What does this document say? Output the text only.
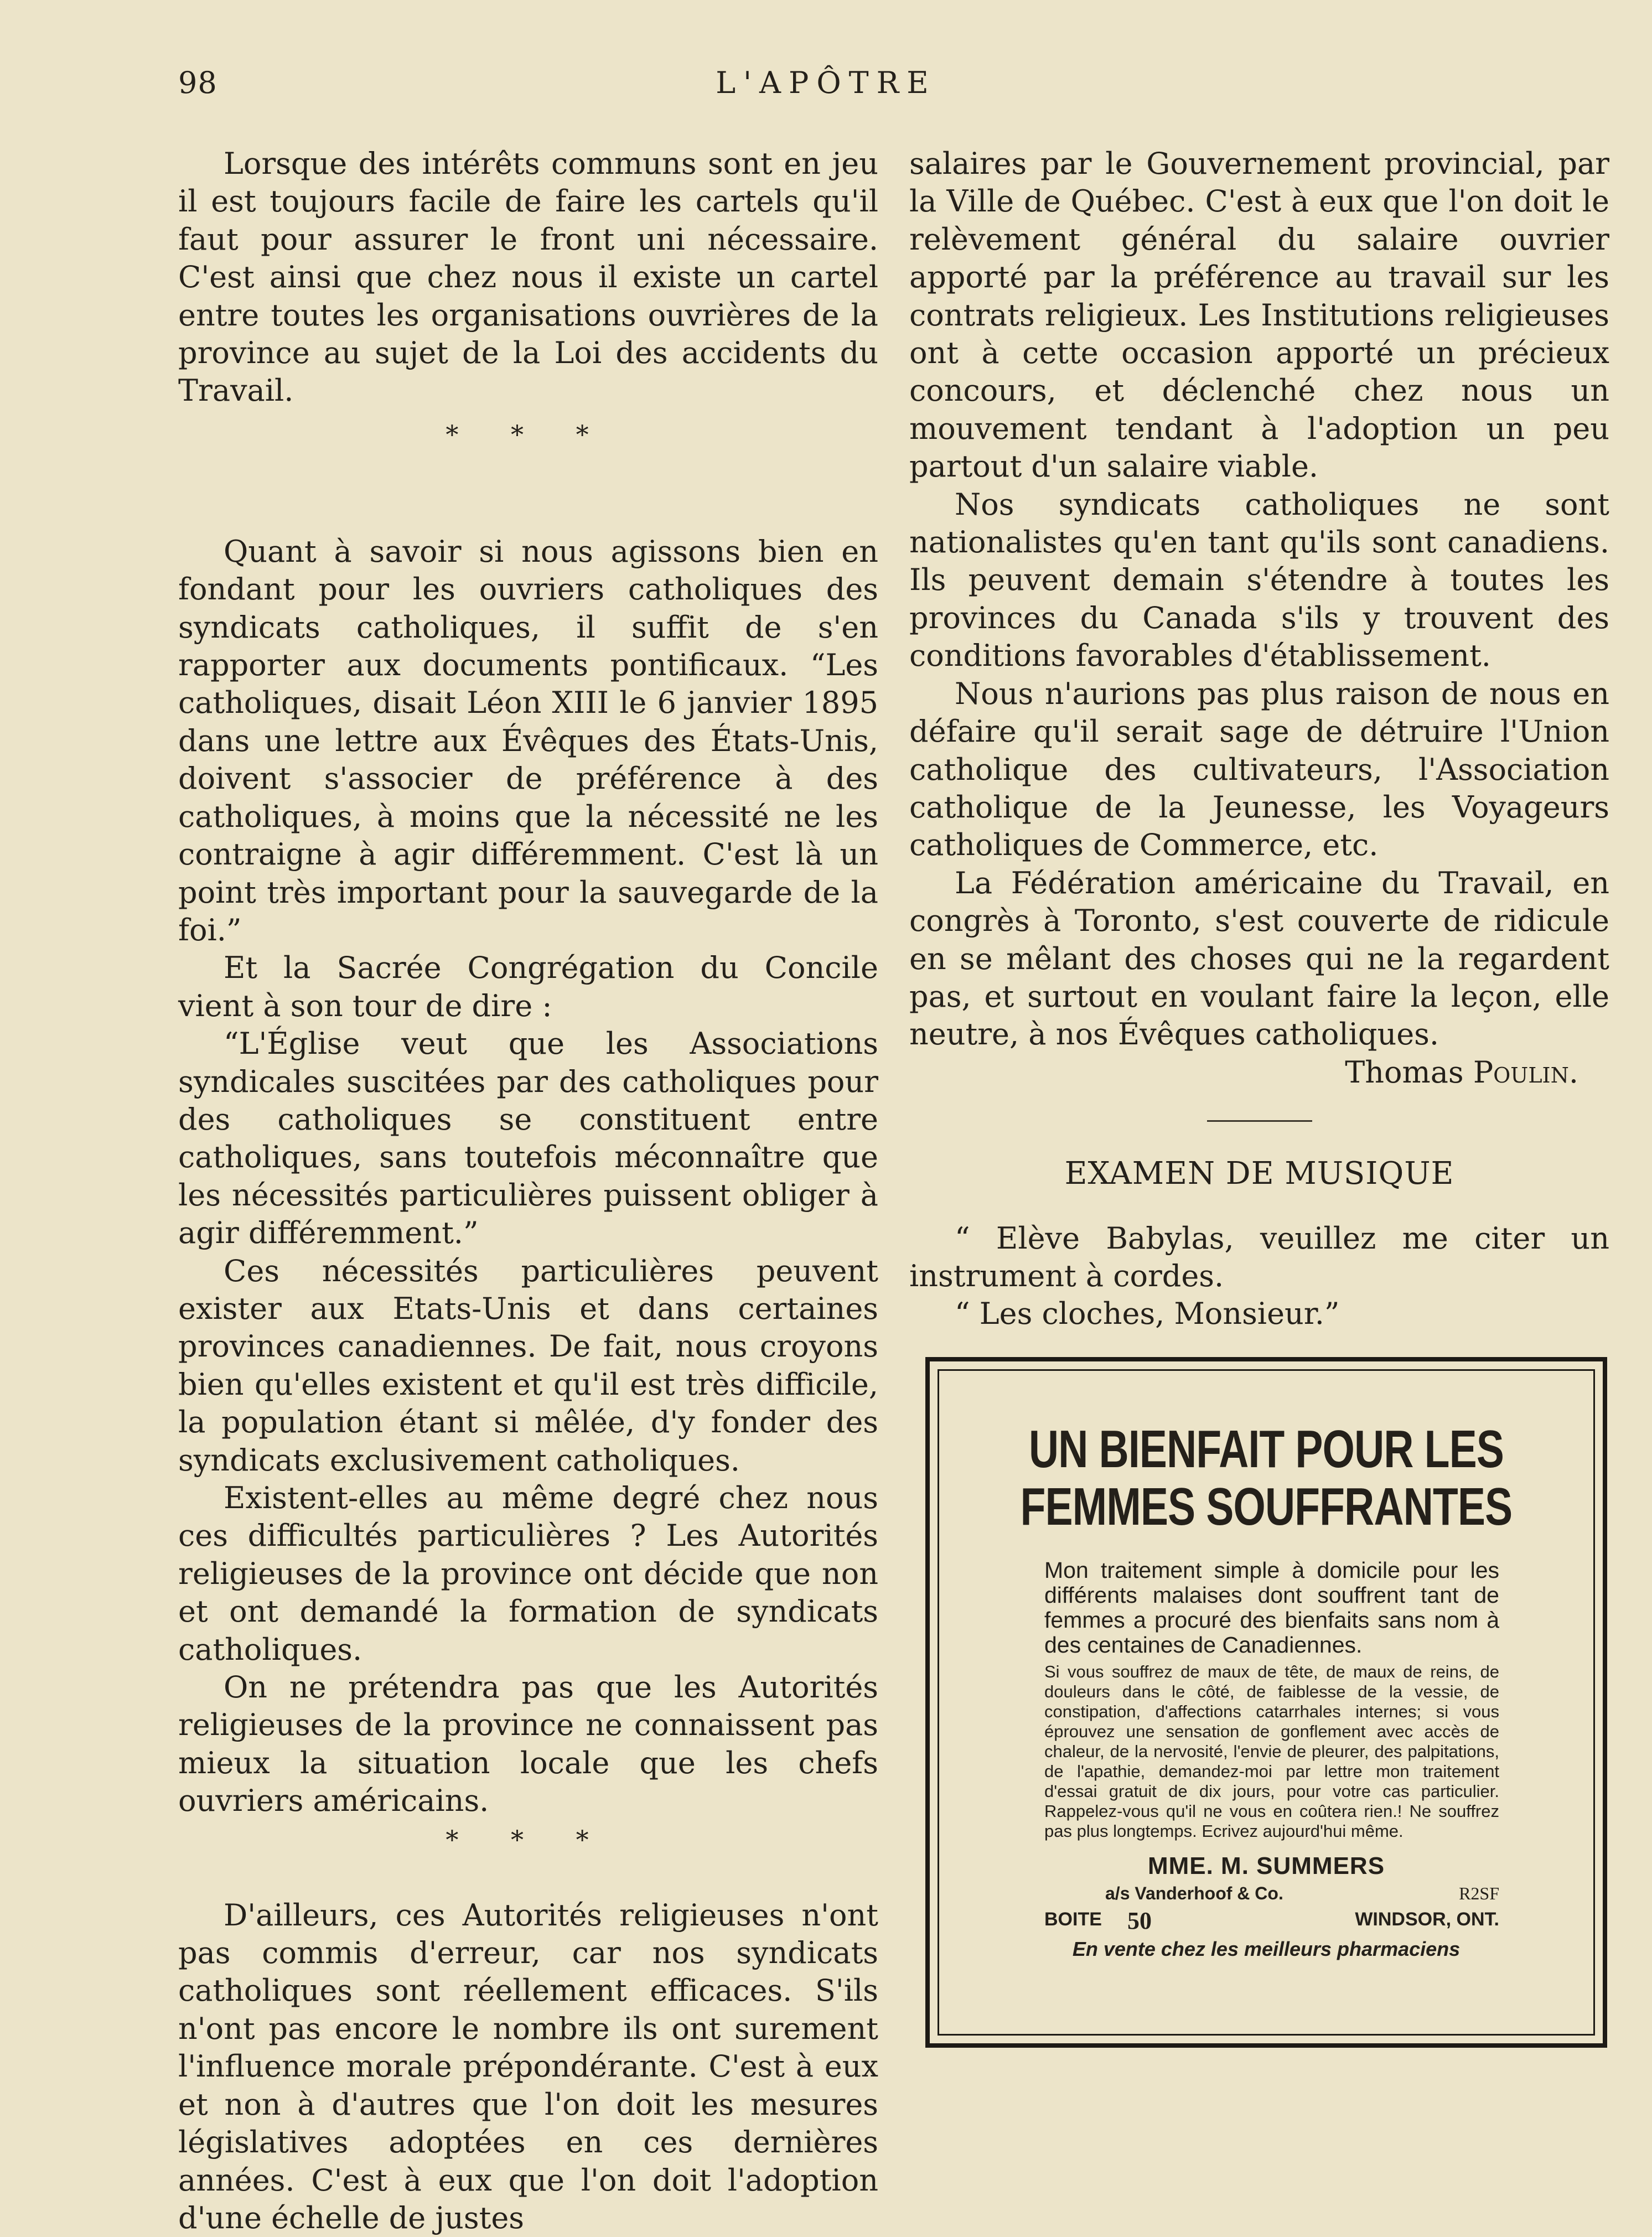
98	L'APÔTRE

Lorsque des intérêts communs sont en jeu il est toujours facile de faire les cartels qu'il faut pour assurer le front uni nécessaire. C'est ainsi que chez nous il existe un cartel entre toutes les organisations ouvrières de la province au sujet de la Loi des accidents du Travail.

* * *

Quant à savoir si nous agissons bien en fondant pour les ouvriers catholiques des syndicats catholiques, il suffit de s'en rapporter aux documents pontificaux. “Les catholiques, disait Léon XIII le 6 janvier 1895 dans une lettre aux Évêques des États-Unis, doivent s'associer de préférence à des catholiques, à moins que la nécessité ne les contraigne à agir différemment. C'est là un point très important pour la sauvegarde de la foi.”

Et la Sacrée Congrégation du Concile vient à son tour de dire :

“L'Église veut que les Associations syndicales suscitées par des catholiques pour des catholiques se constituent entre catholiques, sans toutefois méconnaître que les nécessités particulières puissent obliger à agir différemment.”

Ces nécessités particulières peuvent exister aux Etats-Unis et dans certaines provinces canadiennes. De fait, nous croyons bien qu'elles existent et qu'il est très difficile, la population étant si mêlée, d'y fonder des syndicats exclusivement catholiques.

Existent-elles au même degré chez nous ces difficultés particulières ? Les Autorités religieuses de la province ont décide que non et ont demandé la formation de syndicats catholiques.

On ne prétendra pas que les Autorités religieuses de la province ne connaissent pas mieux la situation locale que les chefs ouvriers américains.

* * *

D'ailleurs, ces Autorités religieuses n'ont pas commis d'erreur, car nos syndicats catholiques sont réellement efficaces. S'ils n'ont pas encore le nombre ils ont surement l'influence morale prépondérante. C'est à eux et non à d'autres que l'on doit les mesures législatives adoptées en ces dernières années. C'est à eux que l'on doit l'adoption d'une échelle de justes

salaires par le Gouvernement provincial, par la Ville de Québec. C'est à eux que l'on doit le relèvement général du salaire ouvrier apporté par la préférence au travail sur les contrats religieux. Les Institutions religieuses ont à cette occasion apporté un précieux concours, et déclenché chez nous un mouvement tendant à l'adoption un peu partout d'un salaire viable.

Nos syndicats catholiques ne sont nationalistes qu'en tant qu'ils sont canadiens. Ils peuvent demain s'étendre à toutes les provinces du Canada s'ils y trouvent des conditions favorables d'établissement.

Nous n'aurions pas plus raison de nous en défaire qu'il serait sage de détruire l'Union catholique des cultivateurs, l'Association catholique de la Jeunesse, les Voyageurs catholiques de Commerce, etc.

La Fédération américaine du Travail, en congrès à Toronto, s'est couverte de ridicule en se mêlant des choses qui ne la regardent pas, et surtout en voulant faire la leçon, elle neutre, à nos Évêques catholiques.

Thomas Poulin.
EXAMEN DE MUSIQUE

“ Elève Babylas, veuillez me citer un instrument à cordes.

“ Les cloches, Monsieur.”

UN BIENFAIT POUR LES
FEMMES SOUFFRANTES
Mon traitement simple à domicile pour les différents malaises dont souffrent tant de femmes a procuré des bienfaits sans nom à des centaines de Canadiennes.
Si vous souffrez de maux de tête, de maux de reins, de douleurs dans le côté, de faiblesse de la vessie, de constipation, d'affections catarrhales internes; si vous éprouvez une sensation de gonflement avec accès de chaleur, de la nervosité, l'envie de pleurer, des palpitations, de l'apathie, demandez-moi par lettre mon traitement d'essai gratuit de dix jours, pour votre cas particulier. Rappelez-vous qu'il ne vous en coûtera rien.! Ne souffrez pas plus longtemps. Ecrivez aujourd'hui même.
MME. M. SUMMERS
a/s Vanderhoof & Co.	R2SF
BOITE 50	WINDSOR, ONT.
En vente chez les meilleurs pharmaciens
